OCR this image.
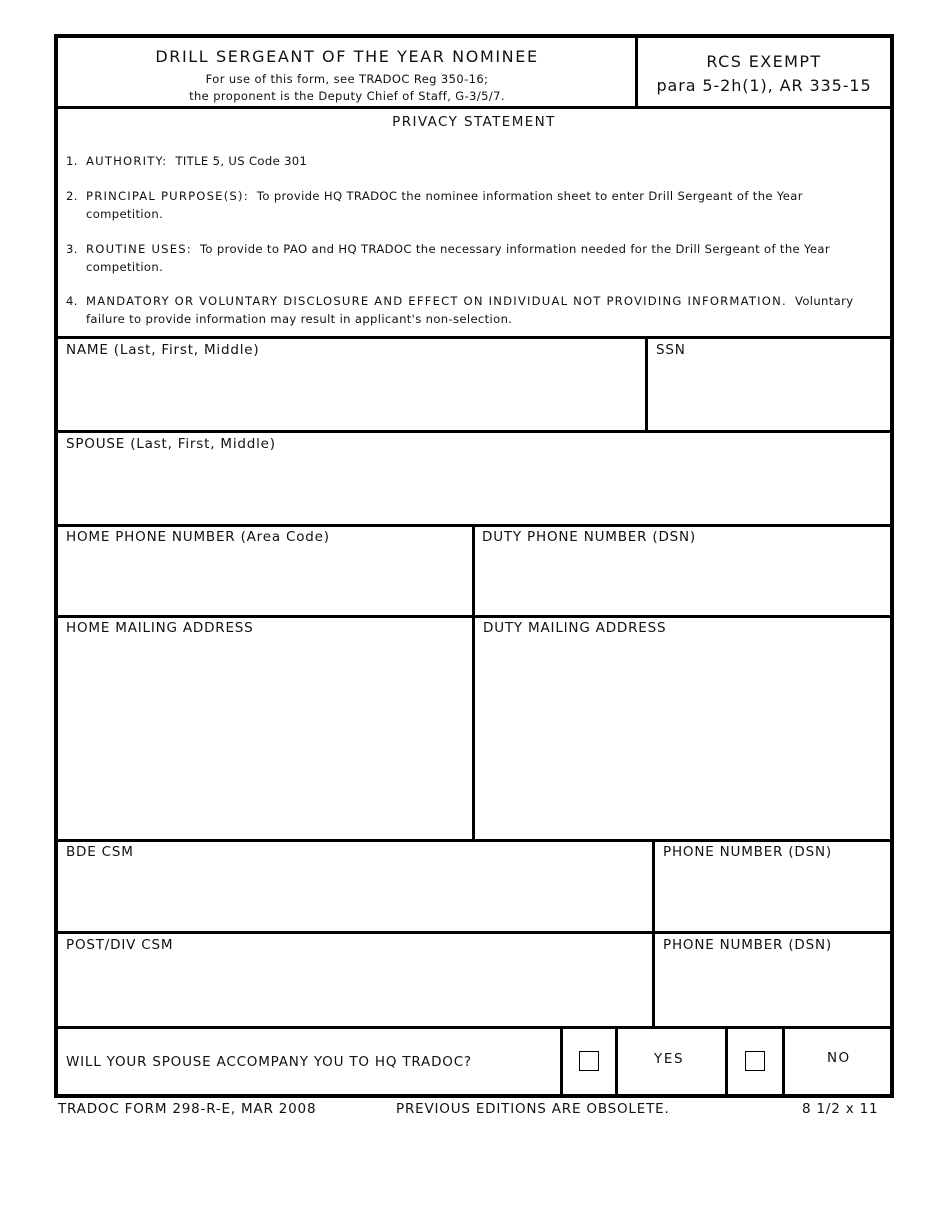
DRILL SERGEANT OF THE YEAR NOMINEE
For use of this form, see TRADOC Reg 350-16;
the proponent is the Deputy Chief of Staff, G-3/5/7.
RCS EXEMPT
para 5-2h(1), AR 335-15
PRIVACY STATEMENT
1. AUTHORITY: TITLE 5, US Code 301
2. PRINCIPAL PURPOSE(S): To provide HQ TRADOC the nominee information sheet to enter Drill Sergeant of the Year
competition.
3. ROUTINE USES: To provide to PAO and HQ TRADOC the necessary information needed for the Drill Sergeant of the Year
competition.
4. MANDATORY OR VOLUNTARY DISCLOSURE AND EFFECT ON INDIVIDUAL NOT PROVIDING INFORMATION. Voluntary
failure to provide information may result in applicant's non-selection.
NAME (Last, First, Middle)	SSN
SPOUSE (Last, First, Middle)
HOME PHONE NUMBER (Area Code)	DUTY PHONE NUMBER (DSN)
HOME MAILING ADDRESS	DUTY MAILING ADDRESS
BDE CSM	PHONE NUMBER (DSN)
POST/DIV CSM	PHONE NUMBER (DSN)
WILL YOUR SPOUSE ACCOMPANY YOU TO HQ TRADOC?	YES	NO
TRADOC FORM 298-R-E, MAR 2008	PREVIOUS EDITIONS ARE OBSOLETE.	8 1/2 x 11
